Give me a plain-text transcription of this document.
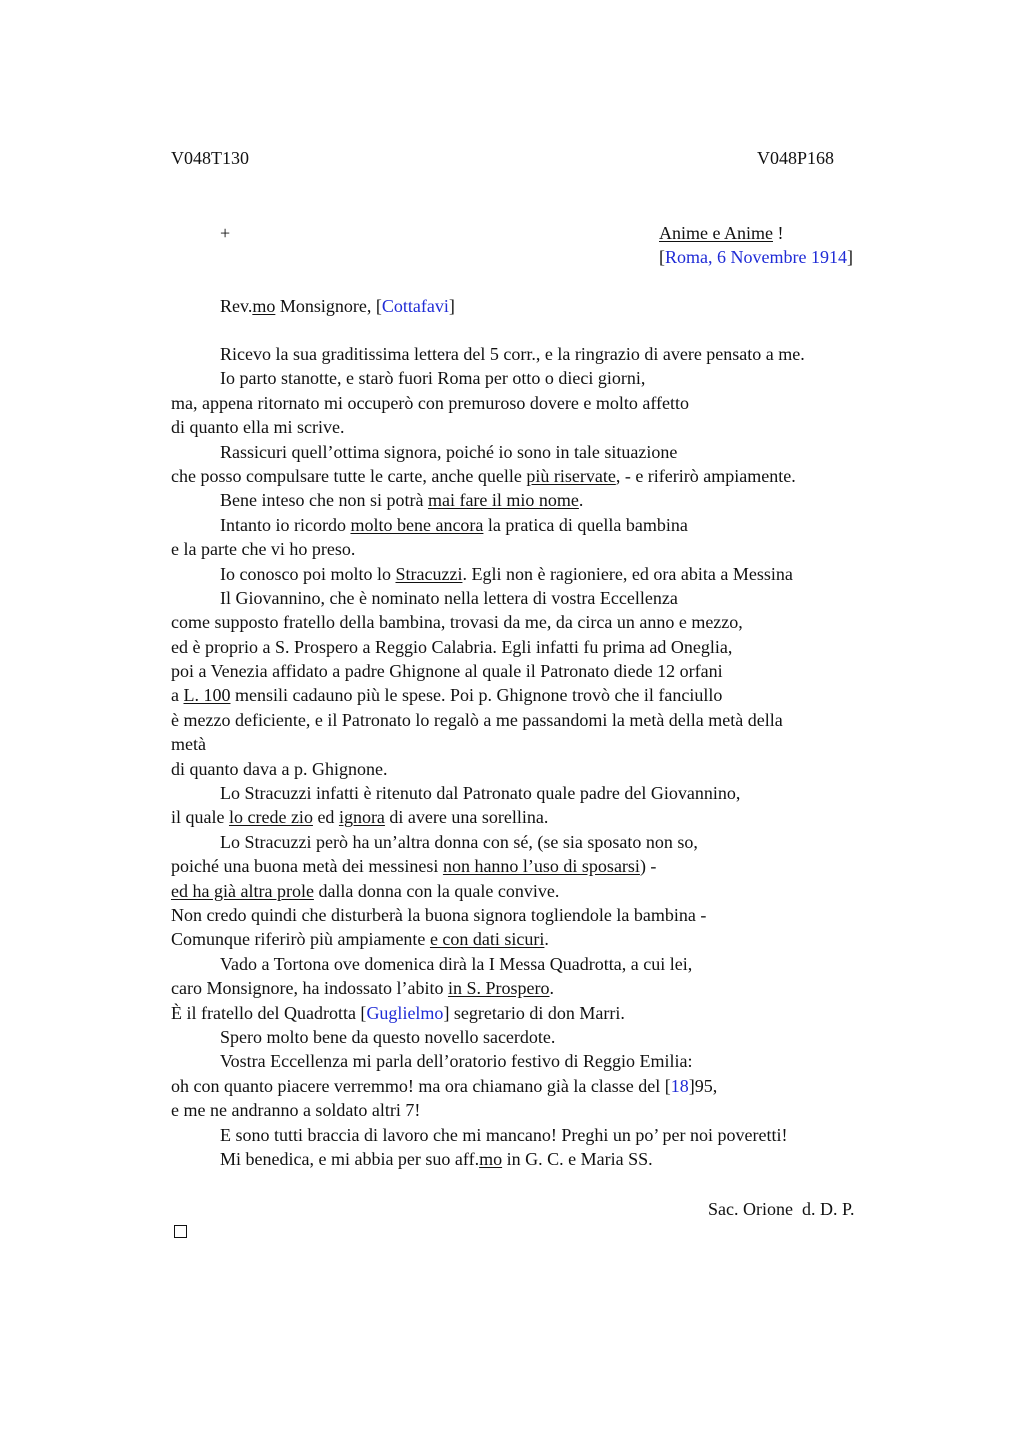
V048T130	V048P168
+	Anime e Anime !
[Roma, 6 Novembre 1914]
Rev.mo Monsignore, [Cottafavi]
Ricevo la sua graditissima lettera del 5 corr., e la ringrazio di avere pensato a me.
Io parto stanotte, e starò fuori Roma per otto o dieci giorni,
ma, appena ritornato mi occuperò con premuroso dovere e molto affetto
di quanto ella mi scrive.
Rassicuri quell’ottima signora, poiché io sono in tale situazione
che posso compulsare tutte le carte, anche quelle più riservate, - e riferirò ampiamente.
Bene inteso che non si potrà mai fare il mio nome.
Intanto io ricordo molto bene ancora la pratica di quella bambina
e la parte che vi ho preso.
Io conosco poi molto lo Stracuzzi. Egli non è ragioniere, ed ora abita a Messina
Il Giovannino, che è nominato nella lettera di vostra Eccellenza
come supposto fratello della bambina, trovasi da me, da circa un anno e mezzo,
ed è proprio a S. Prospero a Reggio Calabria. Egli infatti fu prima ad Oneglia,
poi a Venezia affidato a padre Ghignone al quale il Patronato diede 12 orfani
a L. 100 mensili cadauno più le spese. Poi p. Ghignone trovò che il fanciullo
è mezzo deficiente, e il Patronato lo regalò a me passandomi la metà della metà della
metà
di quanto dava a p. Ghignone.
Lo Stracuzzi infatti è ritenuto dal Patronato quale padre del Giovannino,
il quale lo crede zio ed ignora di avere una sorellina.
Lo Stracuzzi però ha un’altra donna con sé, (se sia sposato non so,
poiché una buona metà dei messinesi non hanno l’uso di sposarsi) -
ed ha già altra prole dalla donna con la quale convive.
Non credo quindi che disturberà la buona signora togliendole la bambina -
Comunque riferirò più ampiamente e con dati sicuri.
Vado a Tortona ove domenica dirà la I Messa Quadrotta, a cui lei,
caro Monsignore, ha indossato l’abito in S. Prospero.
È il fratello del Quadrotta [Guglielmo] segretario di don Marri.
Spero molto bene da questo novello sacerdote.
Vostra Eccellenza mi parla dell’oratorio festivo di Reggio Emilia:
oh con quanto piacere verremmo! ma ora chiamano già la classe del [18]95,
e me ne andranno a soldato altri 7!
E sono tutti braccia di lavoro che mi mancano! Preghi un po’ per noi poveretti!
Mi benedica, e mi abbia per suo aff.mo in G. C. e Maria SS.
Sac. Orione  d. D. P.
